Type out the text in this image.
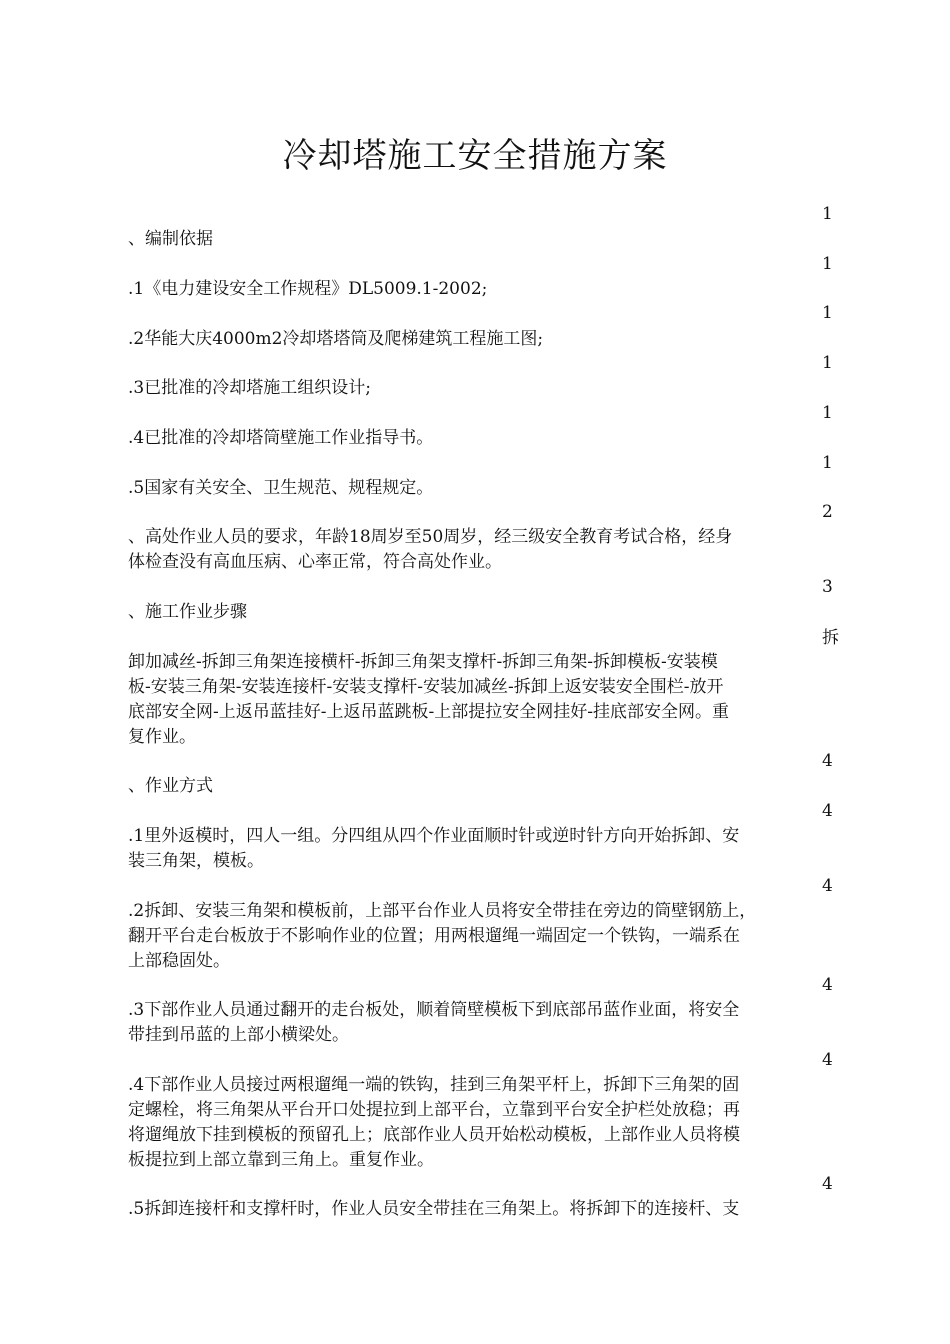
冷却塔施工安全措施方案
1
、编制依据
1
.1《电力建设安全工作规程》DL5009.1-2002;
1
.2华能大庆4000m2冷却塔塔筒及爬梯建筑工程施工图;
1
.3已批准的冷却塔施工组织设计;
1
.4已批准的冷却塔筒壁施工作业指导书。
1
.5国家有关安全、卫生规范、规程规定。
2
、高处作业人员的要求，年龄18周岁至50周岁，经三级安全教育考试合格，经身
体检查没有高血压病、心率正常，符合高处作业。
3
、施工作业步骤
拆
卸加减丝-拆卸三角架连接横杆-拆卸三角架支撑杆-拆卸三角架-拆卸模板-安装模
板-安装三角架-安装连接杆-安装支撑杆-安装加减丝-拆卸上返安装安全围栏-放开
底部安全网-上返吊蓝挂好-上返吊蓝跳板-上部提拉安全网挂好-挂底部安全网。重
复作业。
4
、作业方式
4
.1里外返模时，四人一组。分四组从四个作业面顺时针或逆时针方向开始拆卸、安
装三角架，模板。
4
.2拆卸、安装三角架和模板前，上部平台作业人员将安全带挂在旁边的筒壁钢筋上，
翻开平台走台板放于不影响作业的位置；用两根遛绳一端固定一个铁钩，一端系在
上部稳固处。
4
.3下部作业人员通过翻开的走台板处，顺着筒壁模板下到底部吊蓝作业面，将安全
带挂到吊蓝的上部小横梁处。
4
.4下部作业人员接过两根遛绳一端的铁钩，挂到三角架平杆上，拆卸下三角架的固
定螺栓，将三角架从平台开口处提拉到上部平台，立靠到平台安全护栏处放稳；再
将遛绳放下挂到模板的预留孔上；底部作业人员开始松动模板，上部作业人员将模
板提拉到上部立靠到三角上。重复作业。
4
.5拆卸连接杆和支撑杆时，作业人员安全带挂在三角架上。将拆卸下的连接杆、支
